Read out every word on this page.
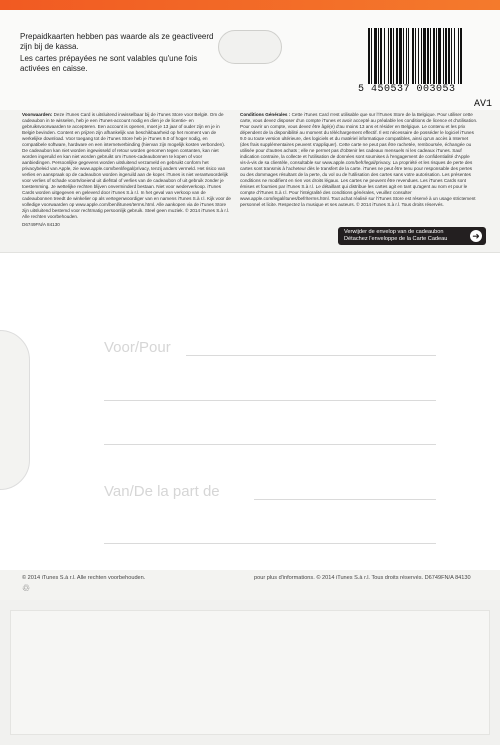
Prepaidkaarten hebben pas waarde als ze geactiveerd zijn bij de kassa.
Les cartes prépayées ne sont valables qu'une fois activées en caisse.
5 450537 003053
AV1
Voorwaarden: Deze iTunes Card is uitsluitend inwisselbaar bij de iTunes Store voor België. Om de cadeaubon in te wisselen, heb je een iTunes-account nodig en dien je de licentie- en gebruiksvoorwaarden te accepteren. Een account is openen, moet je 13 jaar of ouder zijn en je in België bevinden. Content en prijzen zijn afhankelijk van beschikbaarheid op het moment van de werkelijke download. Voor toegang tot de iTunes Store heb je iTunes 9.0 of hoger nodig, en compatibele software, hardware en een internetverbinding (hiervan zijn mogelijk kosten verbonden). De cadeaubon kan niet worden ingewisseld of retour worden genomen tegen contanten, kan niet worden ingeruild en kan niet worden gebruikt om iTunes-cadeaubonnen te kopen of voor aanbiedingen. Persoonlijke gegevens worden uitsluitend verzameld en gebruikt conform het privacybeleid van Apple, zie www.apple.com/benl/legal/privacy, tenzij anders vermeld. Het risico van verlies en aanspraak op de cadeaubon worden ingeruild aan de koper. iTunes is niet verantwoordelijk voor verlies of schade voortvloeiend uit diefstal of verlies van de cadeaubon of uit gebruik zonder je toestemming. Je wettelijke rechten blijven onverminderd bestaan. Niet voor wederverkoop. iTunes Cards worden uitgegeven en geleverd door iTunes S.à r.l. In het geval van verkoop van de cadeaubonnen treedt de winkelier op als vertegenwoordiger van en namens iTunes S.à r.l. Kijk voor de volledige voorwaarden op www.apple.com/benl/itunes/terms.html. Alle aankopen via de iTunes Store zijn uitsluitend bestemd voor rechtmatig persoonlijk gebruik. Steel geen muziek. © 2014 iTunes S.à r.l. Alle rechten voorbehouden.
D6749FN/A 84130
Conditions Générales : Cette iTunes Card n'est utilisable que sur l'iTunes Store de la Belgique. Pour utiliser cette carte, vous devez disposer d'un compte iTunes et avoir accepté au préalable les conditions de licence et d'utilisation. Pour ouvrir un compte, vous devez être âgé(e) d'au moins 13 ans et résider en Belgique. Le contenu et les prix dépendent de la disponibilité au moment du téléchargement effectif. Il est nécessaire de posséder le logiciel iTunes 9.0 ou toute version ultérieure, des logiciels et du matériel informatique compatibles, ainsi qu'un accès à Internet (des frais supplémentaires peuvent s'appliquer). Cette carte ne peut pas être rachetée, remboursée, échangée ou utilisée pour d'autres achats ; elle ne permet pas d'obtenir les cadeaux mensuels ni les cadeaux iTunes. Sauf indication contraire, la collecte et l'utilisation de données sont soumises à l'engagement de confidentialité d'Apple vis-à-vis de sa clientèle, consultable sur www.apple.com/befr/legal/privacy. La propriété et les risques de perte des cartes sont transmis à l'acheteur dès le transfert de la carte. iTunes ne peut être tenu pour responsable des pertes ou des dommages résultant de la perte, du vol ou de l'utilisation des cartes sans votre autorisation. Les présentes conditions ne modifient en rien vos droits légaux. Les cartes ne peuvent être revendues. Les iTunes Cards sont émises et fournies par iTunes S.à r.l. Le détaillant qui distribue les cartes agit en tant qu'agent au nom et pour le compte d'iTunes S.à r.l. Pour l'intégralité des conditions générales, veuillez consulter www.apple.com/legal/itunes/befr/terms.html. Tout achat réalisé sur l'iTunes Store est réservé à un usage strictement personnel et licite. Respectez la musique et ses auteurs. © 2014 iTunes S.à r.l. Tous droits réservés.
Verwijder de envelop van de cadeaubon
Détachez l'enveloppe de la Carte Cadeau	➜
Voor/Pour
Van/De la part de
© 2014 iTunes S.à r.l. Alle rechten voorbehouden.	pour plus d'informations. © 2014 iTunes S.à r.l. Tous droits réservés. D6749FN/A 84130
♲
